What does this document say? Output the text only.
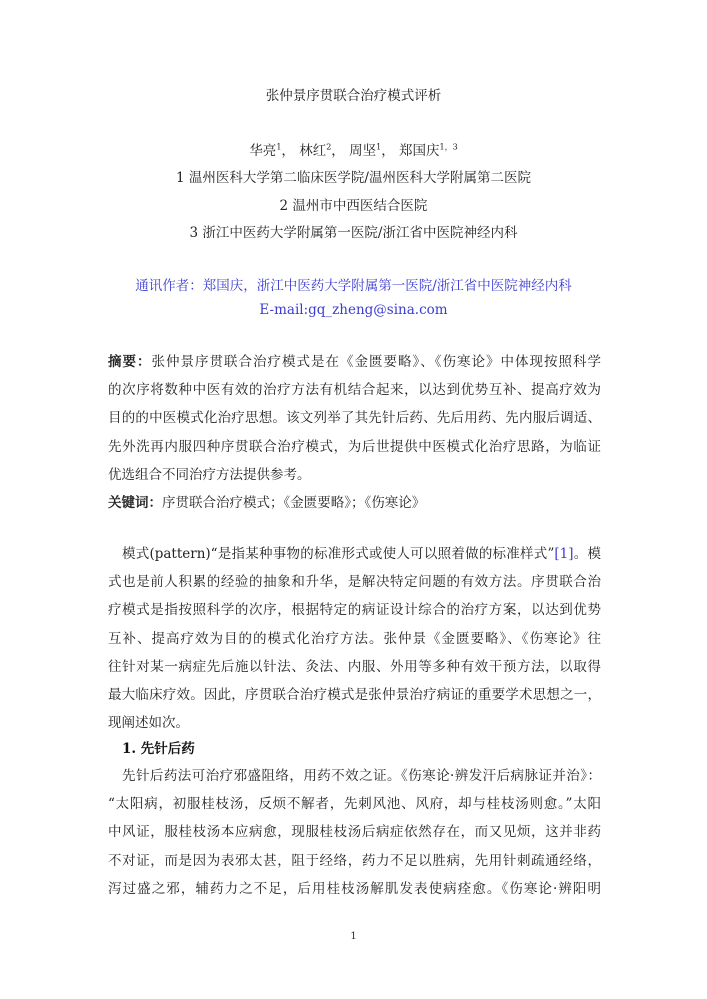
张仲景序贯联合治疗模式评析
华亮$^1$， 林红$^2$， 周坚$^1$， 郑国庆$^{1,3}$
1 温州医科大学第二临床医学院/温州医科大学附属第二医院
2 温州市中西医结合医院
3 浙江中医药大学附属第一医院/浙江省中医院神经内科
通讯作者：郑国庆，浙江中医药大学附属第一医院/浙江省中医院神经内科
E-mail:gq_zheng@sina.com
摘要：张仲景序贯联合治疗模式是在《金匮要略》、《伤寒论》中体现按照科学
的次序将数种中医有效的治疗方法有机结合起来，以达到优势互补、提高疗效为
目的的中医模式化治疗思想。该文列举了其先针后药、先后用药、先内服后调适、
先外洗再内服四种序贯联合治疗模式，为后世提供中医模式化治疗思路，为临证
优选组合不同治疗方法提供参考。
关键词：序贯联合治疗模式；《金匮要略》；《伤寒论》
模式(pattern)“是指某种事物的标准形式或使人可以照着做的标准样式”[1]。模
式也是前人积累的经验的抽象和升华，是解决特定问题的有效方法。序贯联合治
疗模式是指按照科学的次序，根据特定的病证设计综合的治疗方案，以达到优势
互补、提高疗效为目的的模式化治疗方法。张仲景《金匮要略》、《伤寒论》往
往针对某一病症先后施以针法、灸法、内服、外用等多种有效干预方法，以取得
最大临床疗效。因此，序贯联合治疗模式是张仲景治疗病证的重要学术思想之一，
现阐述如次。
1. 先针后药
先针后药法可治疗邪盛阻络，用药不效之证。《伤寒论·辨发汗后病脉证并治》：
“太阳病，初服桂枝汤，反烦不解者，先刺风池、风府，却与桂枝汤则愈。”太阳
中风证，服桂枝汤本应病愈，现服桂枝汤后病症依然存在，而又见烦，这并非药
不对证，而是因为表邪太甚，阻于经络，药力不足以胜病，先用针刺疏通经络，
泻过盛之邪，辅药力之不足，后用桂枝汤解肌发表使病痊愈。《伤寒论·辨阳明
1
